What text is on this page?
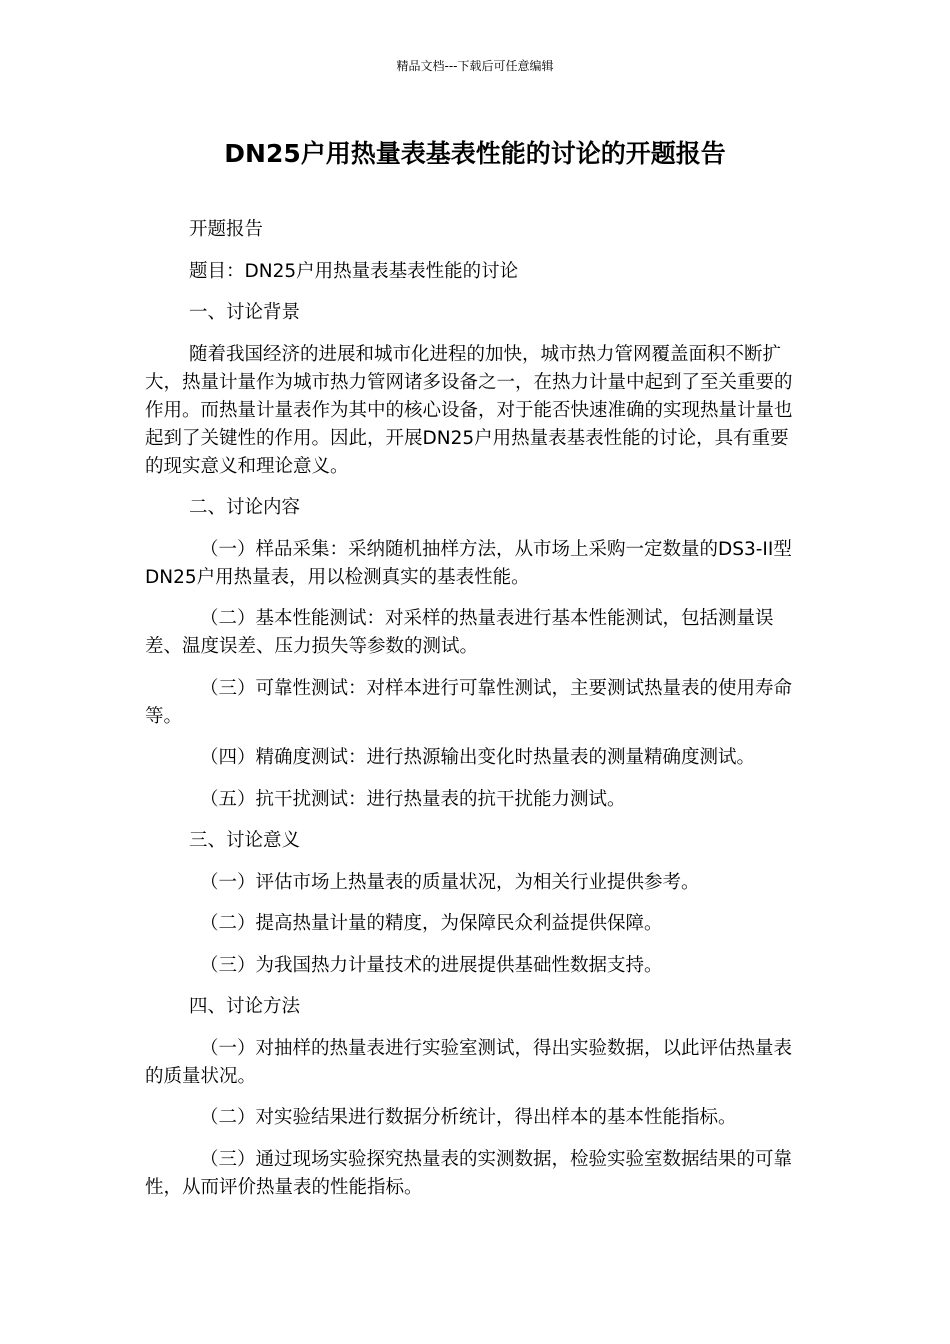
精品文档---下载后可任意编辑
DN25户用热量表基表性能的讨论的开题报告

开题报告

题目：DN25户用热量表基表性能的讨论

一、讨论背景

随着我国经济的进展和城市化进程的加快，城市热力管网覆盖面积不断扩大，热量计量作为城市热力管网诸多设备之一，在热力计量中起到了至关重要的作用。而热量计量表作为其中的核心设备，对于能否快速准确的实现热量计量也起到了关键性的作用。因此，开展DN25户用热量表基表性能的讨论，具有重要的现实意义和理论意义。

二、讨论内容

（一）样品采集：采纳随机抽样方法，从市场上采购一定数量的DS3-II型DN25户用热量表，用以检测真实的基表性能。

（二）基本性能测试：对采样的热量表进行基本性能测试，包括测量误差、温度误差、压力损失等参数的测试。

（三）可靠性测试：对样本进行可靠性测试，主要测试热量表的使用寿命等。

（四）精确度测试：进行热源输出变化时热量表的测量精确度测试。

（五）抗干扰测试：进行热量表的抗干扰能力测试。

三、讨论意义

（一）评估市场上热量表的质量状况，为相关行业提供参考。

（二）提高热量计量的精度，为保障民众利益提供保障。

（三）为我国热力计量技术的进展提供基础性数据支持。

四、讨论方法

（一）对抽样的热量表进行实验室测试，得出实验数据，以此评估热量表的质量状况。

（二）对实验结果进行数据分析统计，得出样本的基本性能指标。

（三）通过现场实验探究热量表的实测数据，检验实验室数据结果的可靠性，从而评价热量表的性能指标。
